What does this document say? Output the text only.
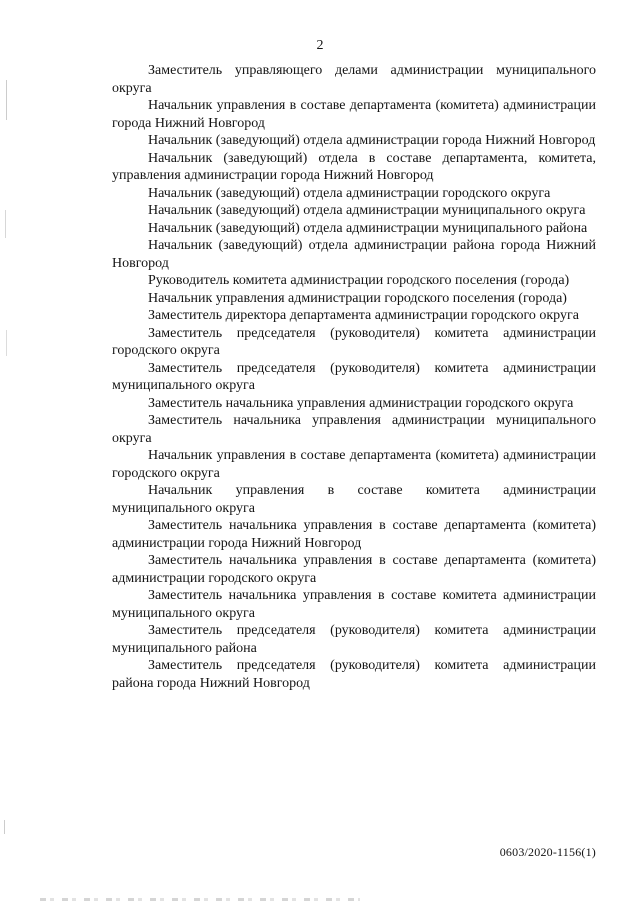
2

Заместитель управляющего делами администрации муниципального округа

Начальник управления в составе департамента (комитета) администрации города Нижний Новгород

Начальник (заведующий) отдела администрации города Нижний Новгород

Начальник (заведующий) отдела в составе департамента, комитета, управления администрации города Нижний Новгород

Начальник (заведующий) отдела администрации городского округа

Начальник (заведующий) отдела администрации муниципального округа

Начальник (заведующий) отдела администрации муниципального района

Начальник (заведующий) отдела администрации района города Нижний Новгород

Руководитель комитета администрации городского поселения (города)

Начальник управления администрации городского поселения (города)

Заместитель директора департамента администрации городского округа

Заместитель председателя (руководителя) комитета администрации городского округа

Заместитель председателя (руководителя) комитета администрации муниципального округа

Заместитель начальника управления администрации городского округа

Заместитель начальника управления администрации муниципального округа

Начальник управления в составе департамента (комитета) администрации городского округа

Начальник управления в составе комитета администрации муниципального округа

Заместитель начальника управления в составе департамента (комитета) администрации города Нижний Новгород

Заместитель начальника управления в составе департамента (комитета) администрации городского округа

Заместитель начальника управления в составе комитета администрации муниципального округа

Заместитель председателя (руководителя) комитета администрации муниципального района

Заместитель председателя (руководителя) комитета администрации района города Нижний Новгород

0603/2020-1156(1)
